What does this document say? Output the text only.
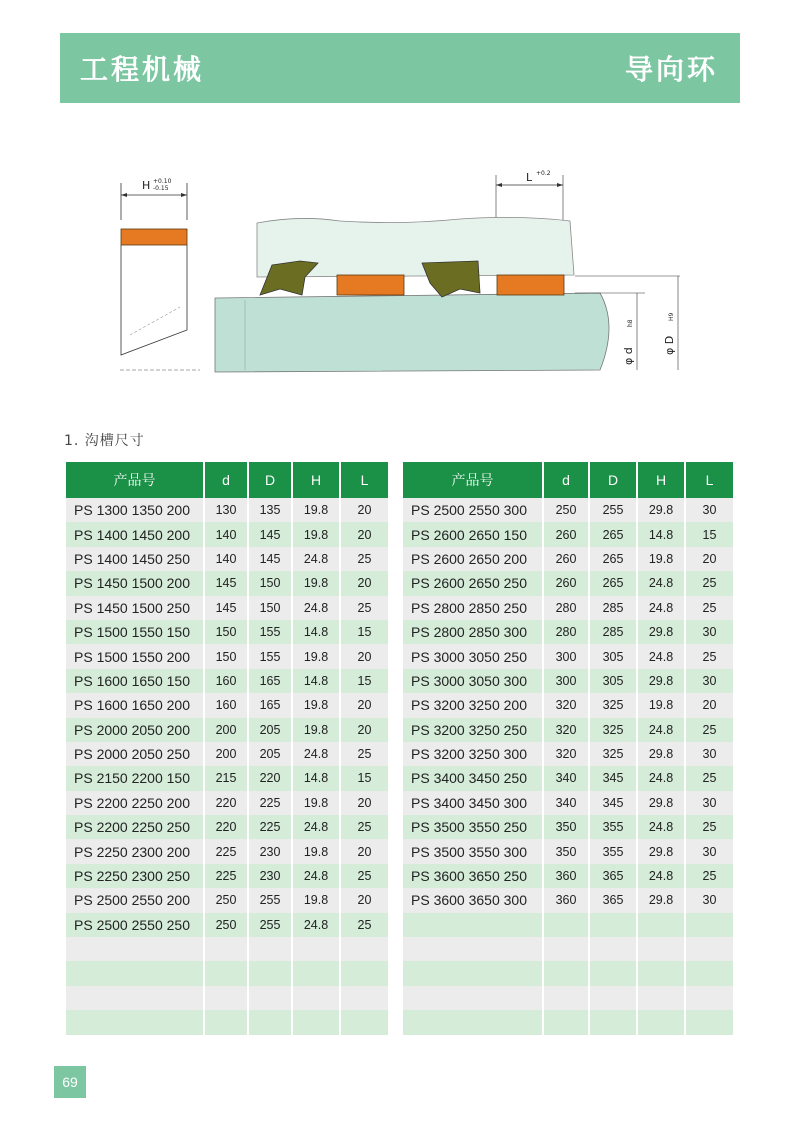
工程机械	导向环
H +0.10
-0.15
L +0.2
φ d
h8
φ D
H9
1. 沟槽尺寸
产品号	d	D	H	L
PS 1300 1350 200	130	135	19.8	20
PS 1400 1450 200	140	145	19.8	20
PS 1400 1450 250	140	145	24.8	25
PS 1450 1500 200	145	150	19.8	20
PS 1450 1500 250	145	150	24.8	25
PS 1500 1550 150	150	155	14.8	15
PS 1500 1550 200	150	155	19.8	20
PS 1600 1650 150	160	165	14.8	15
PS 1600 1650 200	160	165	19.8	20
PS 2000 2050 200	200	205	19.8	20
PS 2000 2050 250	200	205	24.8	25
PS 2150 2200 150	215	220	14.8	15
PS 2200 2250 200	220	225	19.8	20
PS 2200 2250 250	220	225	24.8	25
PS 2250 2300 200	225	230	19.8	20
PS 2250 2300 250	225	230	24.8	25
PS 2500 2550 200	250	255	19.8	20
PS 2500 2550 250	250	255	24.8	25

产品号	d	D	H	L
PS 2500 2550 300	250	255	29.8	30
PS 2600 2650 150	260	265	14.8	15
PS 2600 2650 200	260	265	19.8	20
PS 2600 2650 250	260	265	24.8	25
PS 2800 2850 250	280	285	24.8	25
PS 2800 2850 300	280	285	29.8	30
PS 3000 3050 250	300	305	24.8	25
PS 3000 3050 300	300	305	29.8	30
PS 3200 3250 200	320	325	19.8	20
PS 3200 3250 250	320	325	24.8	25
PS 3200 3250 300	320	325	29.8	30
PS 3400 3450 250	340	345	24.8	25
PS 3400 3450 300	340	345	29.8	30
PS 3500 3550 250	350	355	24.8	25
PS 3500 3550 300	350	355	29.8	30
PS 3600 3650 250	360	365	24.8	25
PS 3600 3650 300	360	365	29.8	30

69
